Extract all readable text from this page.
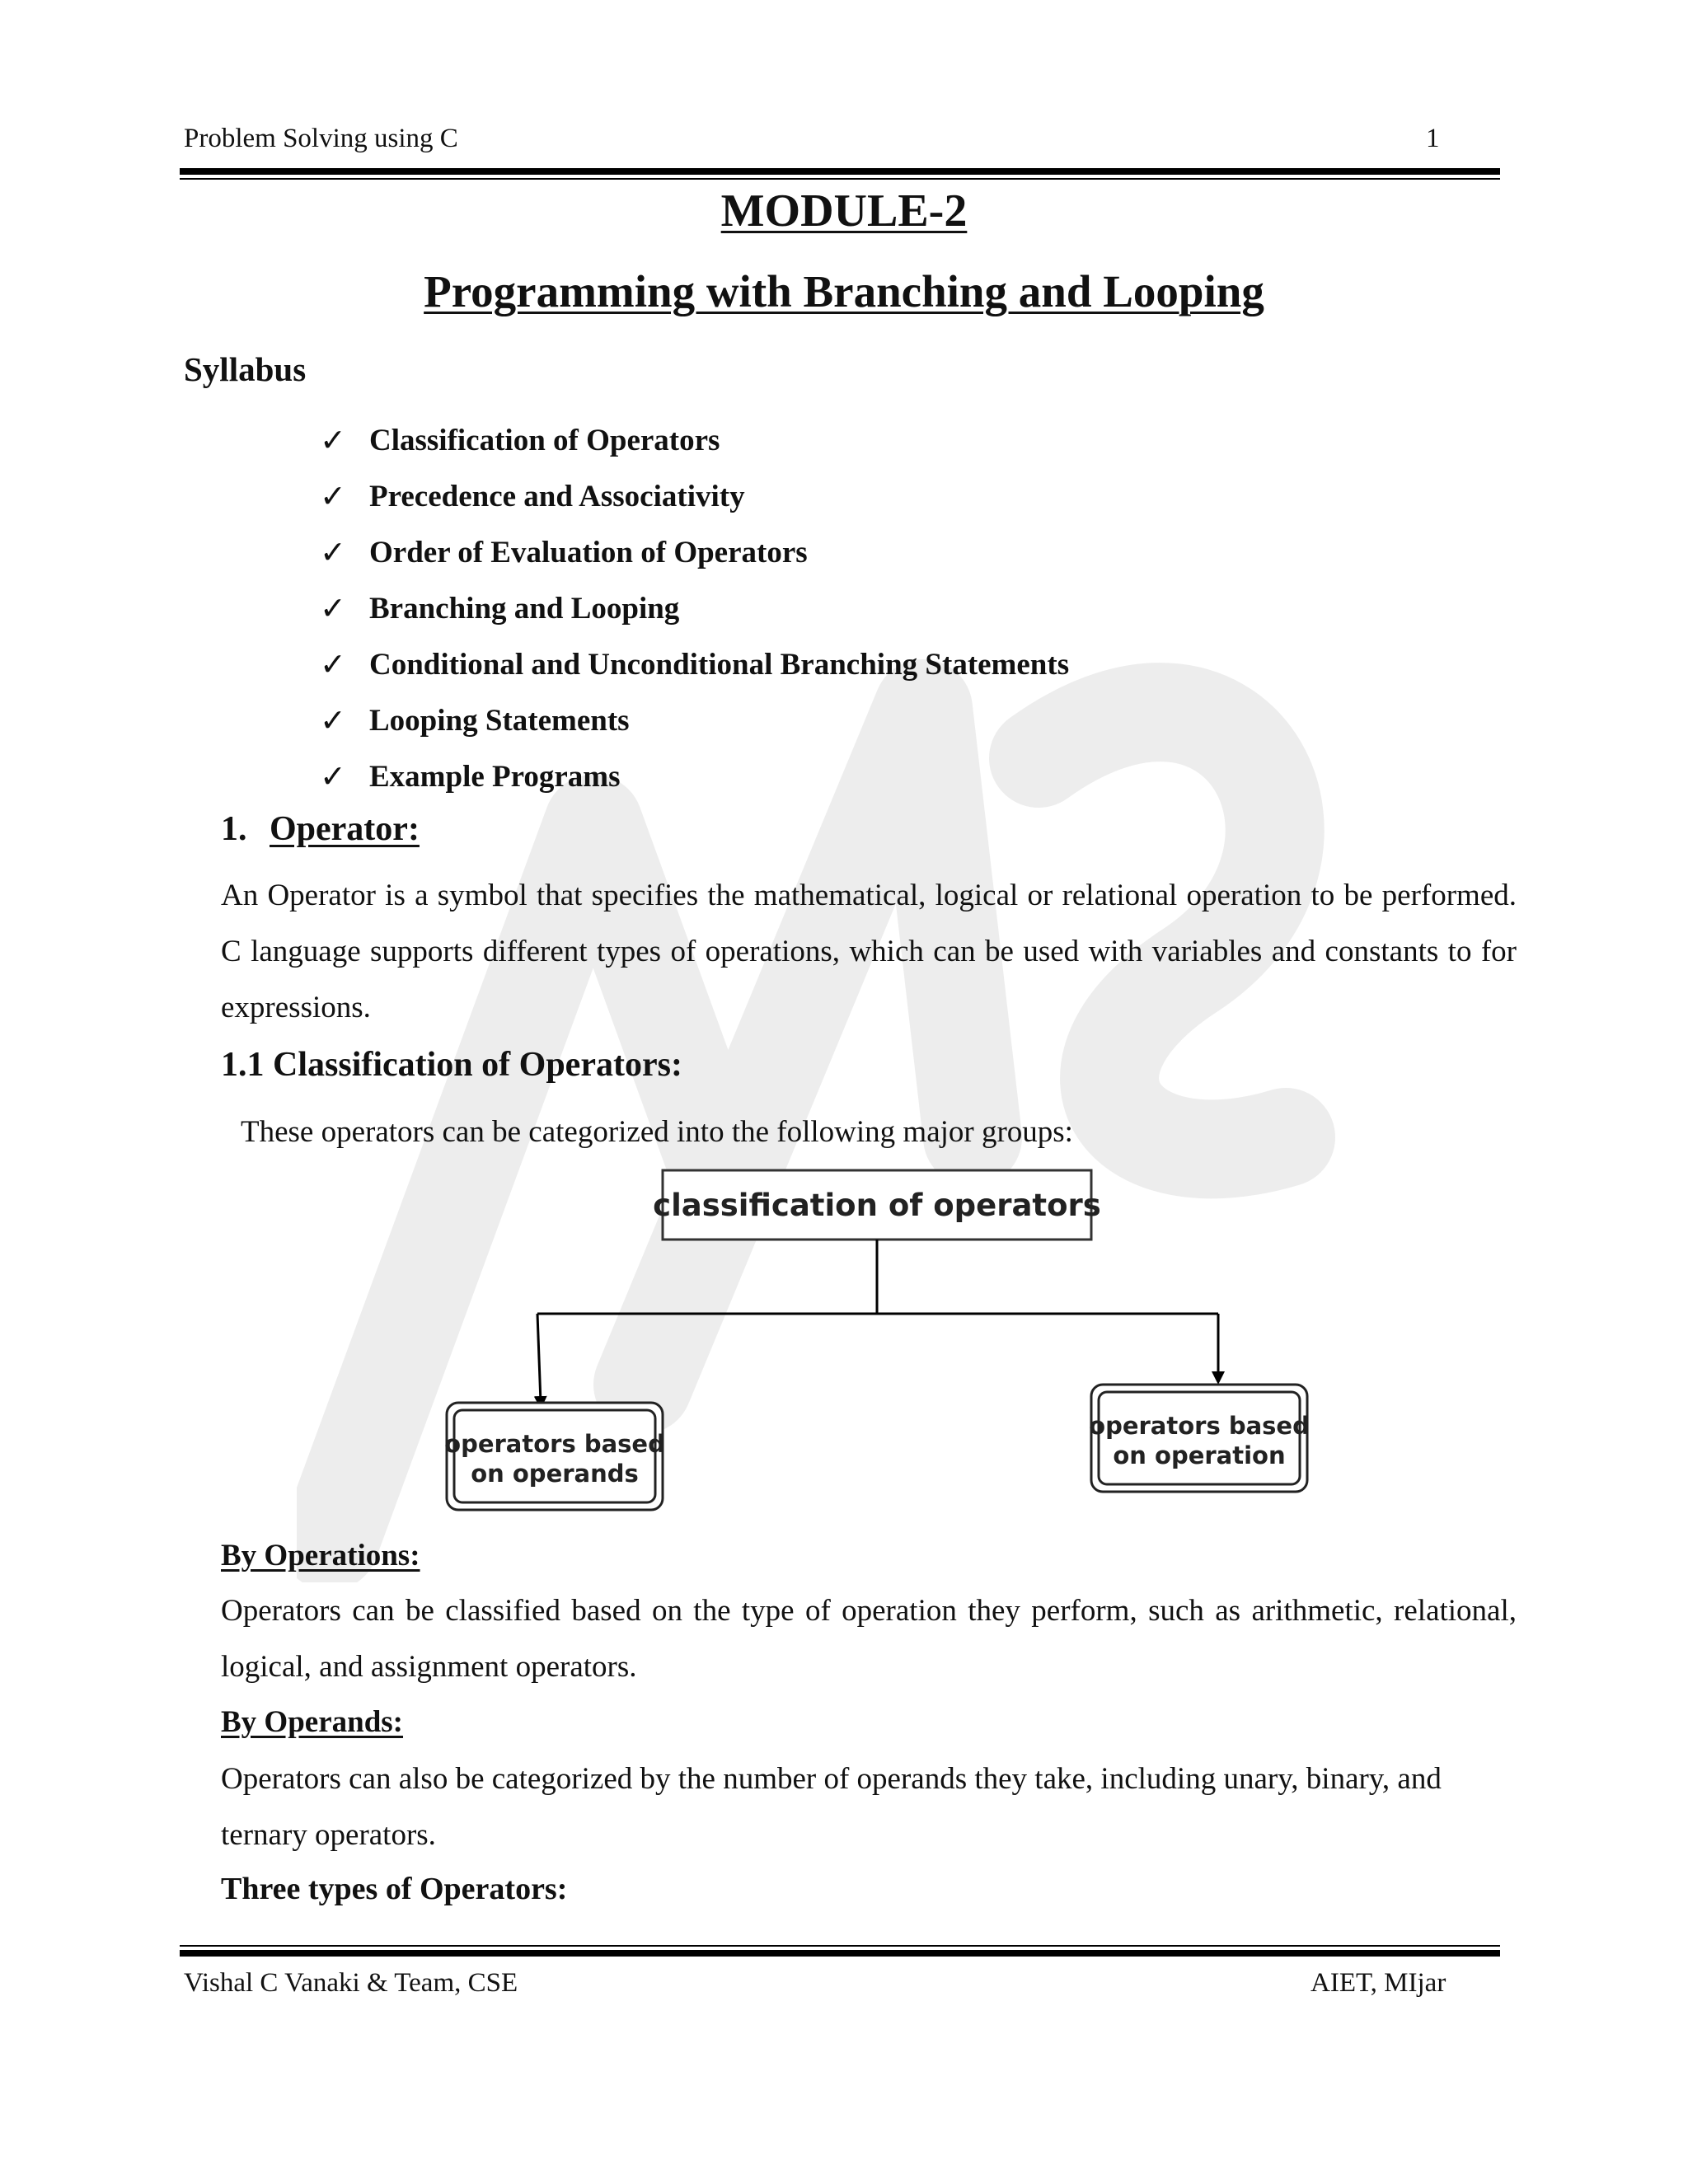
Problem Solving using C	1
MODULE-2
Programming with Branching and Looping
Syllabus
✓ Classification of Operators
✓ Precedence and Associativity
✓ Order of Evaluation of Operators
✓ Branching and Looping
✓ Conditional and Unconditional Branching Statements
✓ Looping Statements
✓ Example Programs
1. Operator:
An Operator is a symbol that specifies the mathematical, logical or relational operation to be performed. C language supports different types of operations, which can be used with variables and constants to for expressions.
1.1 Classification of Operators:
These operators can be categorized into the following major groups:
classification of operators
operators based
on operands
operators based
on operation
By Operations:
Operators can be classified based on the type of operation they perform, such as arithmetic, relational, logical, and assignment operators.
By Operands:
Operators can also be categorized by the number of operands they take, including unary, binary, and ternary operators.
Three types of Operators:
Vishal C Vanaki & Team, CSE	AIET, MIjar
